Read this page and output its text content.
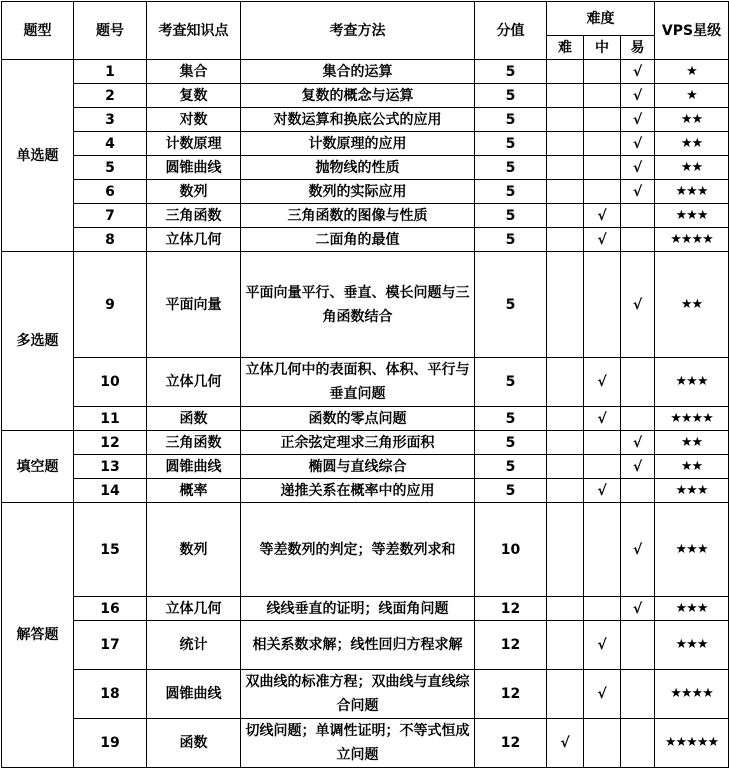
题型	题号	考查知识点	考查方法	分值	难度			VPS星级
					难	中	易	
单选题	1	集合	集合的运算	5			√	★
	2	复数	复数的概念与运算	5			√	★
	3	对数	对数运算和换底公式的应用	5			√	★★
	4	计数原理	计数原理的应用	5			√	★★
	5	圆锥曲线	抛物线的性质	5			√	★★
	6	数列	数列的实际应用	5			√	★★★
	7	三角函数	三角函数的图像与性质	5		√		★★★
	8	立体几何	二面角的最值	5		√		★★★★
多选题	9	平面向量	平面向量平行、垂直、模长问题与三角函数结合	5			√	★★
	10	立体几何	立体几何中的表面积、体积、平行与垂直问题	5		√		★★★
	11	函数	函数的零点问题	5		√		★★★★
填空题	12	三角函数	正余弦定理求三角形面积	5			√	★★
	13	圆锥曲线	椭圆与直线综合	5			√	★★
	14	概率	递推关系在概率中的应用	5		√		★★★
解答题	15	数列	等差数列的判定；等差数列求和	10			√	★★★
	16	立体几何	线线垂直的证明；线面角问题	12			√	★★★
	17	统计	相关系数求解；线性回归方程求解	12		√		★★★
	18	圆锥曲线	双曲线的标准方程；双曲线与直线综合问题	12		√		★★★★
	19	函数	切线问题；单调性证明；不等式恒成立问题	12	√			★★★★★
